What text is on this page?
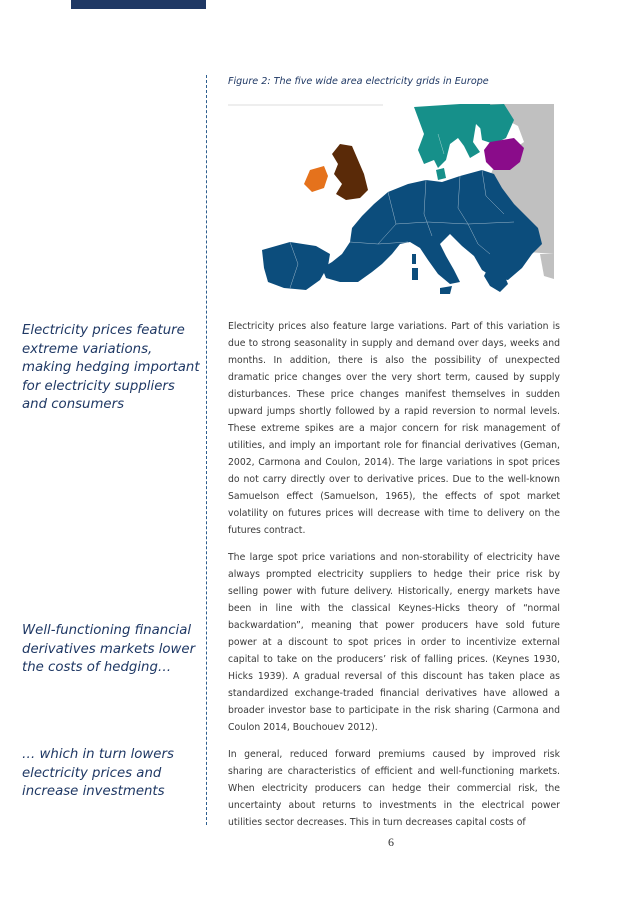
Electricity prices feature extreme variations, making hedging important for electricity suppliers and consumers
Well-functioning financial derivatives markets lower the costs of hedging…
… which in turn lowers electricity prices and increase investments
Figure 2: The five wide area electricity grids in Europe

Electricity prices also feature large variations. Part of this variation is due to strong seasonality in supply and demand over days, weeks and months. In addition, there is also the possibility of unexpected dramatic price changes over the very short term, caused by supply disturbances. These price changes manifest themselves in sudden upward jumps shortly followed by a rapid reversion to normal levels. These extreme spikes are a major concern for risk management of utilities, and imply an important role for financial derivatives (Geman, 2002, Carmona and Coulon, 2014). The large variations in spot prices do not carry directly over to derivative prices. Due to the well-known Samuelson effect (Samuelson, 1965), the effects of spot market volatility on futures prices will decrease with time to delivery on the futures contract.

The large spot price variations and non-storability of electricity have always prompted electricity suppliers to hedge their price risk by selling power with future delivery. Historically, energy markets have been in line with the classical Keynes-Hicks theory of “normal backwardation”, meaning that power producers have sold future power at a discount to spot prices in order to incentivize external capital to take on the producers’ risk of falling prices. (Keynes 1930, Hicks 1939). A gradual reversal of this discount has taken place as standardized exchange-traded financial derivatives have allowed a broader investor base to participate in the risk sharing (Carmona and Coulon 2014, Bouchouev 2012).

In general, reduced forward premiums caused by improved risk sharing are characteristics of efficient and well-functioning markets. When electricity producers can hedge their commercial risk, the uncertainty about returns to investments in the electrical power utilities sector decreases. This in turn decreases capital costs of

6
